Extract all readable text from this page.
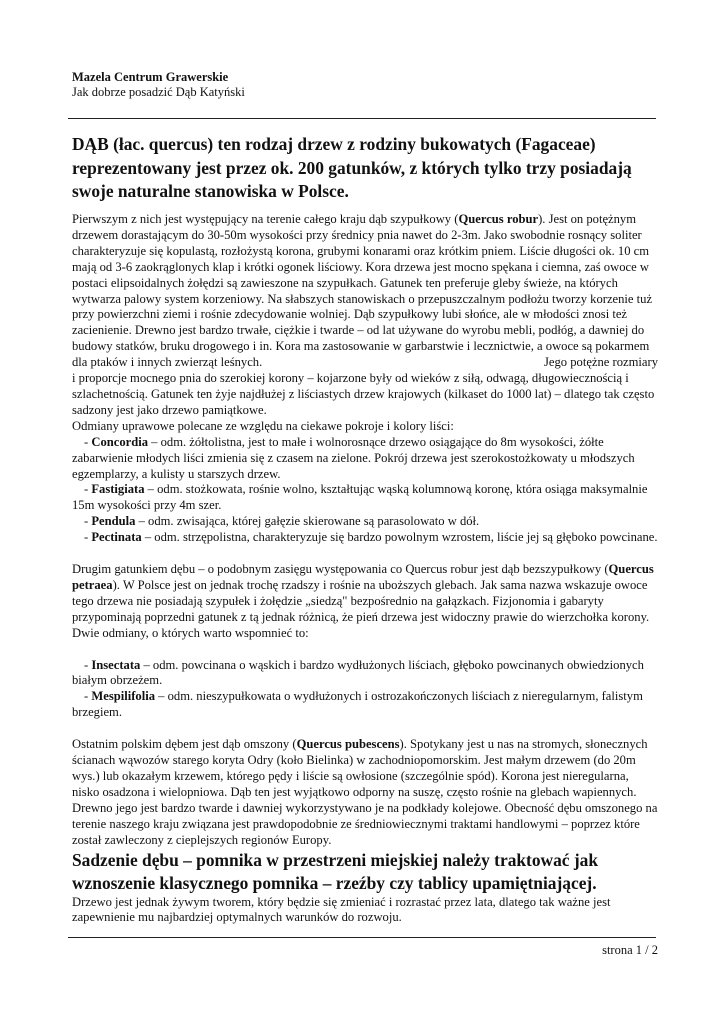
Mazela Centrum Grawerskie
Jak dobrze posadzić Dąb Katyński
strona 1 / 2
DĄB (łac. quercus) ten rodzaj drzew z rodziny bukowatych (Fagaceae) reprezentowany jest przez ok. 200 gatunków, z których tylko trzy posiadają swoje naturalne stanowiska w Polsce.

Pierwszym z nich jest występujący na terenie całego kraju dąb szypułkowy (Quercus robur). Jest on potężnym drzewem dorastającym do 30-50m wysokości przy średnicy pnia nawet do 2-3m. Jako swobodnie rosnący soliter charakteryzuje się kopulastą, rozłożystą korona, grubymi konarami oraz krótkim pniem. Liście długości ok. 10 cm mają od 3-6 zaokrąglonych klap i krótki ogonek liściowy. Kora drzewa jest mocno spękana i ciemna, zaś owoce w postaci elipsoidalnych żołędzi są zawieszone na szypułkach. Gatunek ten preferuje gleby świeże, na których wytwarza palowy system korzeniowy. Na słabszych stanowiskach o przepuszczalnym podłożu tworzy korzenie tuż przy powierzchni ziemi i rośnie zdecydowanie wolniej. Dąb szypułkowy lubi słońce, ale w młodości znosi też zacienienie. Drewno jest bardzo trwałe, ciężkie i twarde – od lat używane do wyrobu mebli, podłóg, a dawniej do budowy statków, bruku drogowego i in. Kora ma zastosowanie w garbarstwie i lecznictwie, a owoce są pokarmem dla ptaków i innych zwierząt leśnych.	Jego potężne rozmiary

i proporcje mocnego pnia do szerokiej korony – kojarzone były od wieków z siłą, odwagą, długowiecznością i szlachetnością. Gatunek ten żyje najdłużej z liściastych drzew krajowych (kilkaset do 1000 lat) – dlatego tak często sadzony jest jako drzewo pamiątkowe.

Odmiany uprawowe polecane ze względu na ciekawe pokroje i kolory liści:

- Concordia – odm. żółtolistna, jest to małe i wolnorosnące drzewo osiągające do 8m wysokości, żółte zabarwienie młodych liści zmienia się z czasem na zielone. Pokrój drzewa jest szerokostożkowaty u młodszych egzemplarzy, a kulisty u starszych drzew.

- Fastigiata – odm. stożkowata, rośnie wolno, kształtując wąską kolumnową koronę, która osiąga maksymalnie 15m wysokości przy 4m szer.

- Pendula – odm. zwisająca, której gałęzie skierowane są parasolowato w dół.

- Pectinata – odm. strzępolistna, charakteryzuje się bardzo powolnym wzrostem, liście jej są głęboko powcinane.

Drugim gatunkiem dębu – o podobnym zasięgu występowania co Quercus robur jest dąb bezszypułkowy (Quercus petraea). W Polsce jest on jednak trochę rzadszy i rośnie na uboższych glebach. Jak sama nazwa wskazuje owoce tego drzewa nie posiadają szypułek i żołędzie „siedzą" bezpośrednio na gałązkach. Fizjonomia i gabaryty przypominają poprzedni gatunek z tą jednak różnicą, że pień drzewa jest widoczny prawie do wierzchołka korony. Dwie odmiany, o których warto wspomnieć to:

- Insectata – odm. powcinana o wąskich i bardzo wydłużonych liściach, głęboko powcinanych obwiedzionych białym obrzeżem.

- Mespilifolia – odm. nieszypułkowata o wydłużonych i ostrozakończonych liściach z nieregularnym, falistym brzegiem.

Ostatnim polskim dębem jest dąb omszony (Quercus pubescens). Spotykany jest u nas na stromych, słonecznych ścianach wąwozów starego koryta Odry (koło Bielinka) w zachodniopomorskim. Jest małym drzewem (do 20m wys.) lub okazałym krzewem, którego pędy i liście są owłosione (szczególnie spód). Korona jest nieregularna, nisko osadzona i wielopniowa. Dąb ten jest wyjątkowo odporny na suszę, często rośnie na glebach wapiennych. Drewno jego jest bardzo twarde i dawniej wykorzystywano je na podkłady kolejowe. Obecność dębu omszonego na terenie naszego kraju związana jest prawdopodobnie ze średniowiecznymi traktami handlowymi – poprzez które został zawleczony z cieplejszych regionów Europy.

Sadzenie dębu – pomnika w przestrzeni miejskiej należy traktować jak wznoszenie klasycznego pomnika – rzeźby czy tablicy upamiętniającej.

Drzewo jest jednak żywym tworem, który będzie się zmieniać i rozrastać przez lata, dlatego tak ważne jest zapewnienie mu najbardziej optymalnych warunków do rozwoju.
